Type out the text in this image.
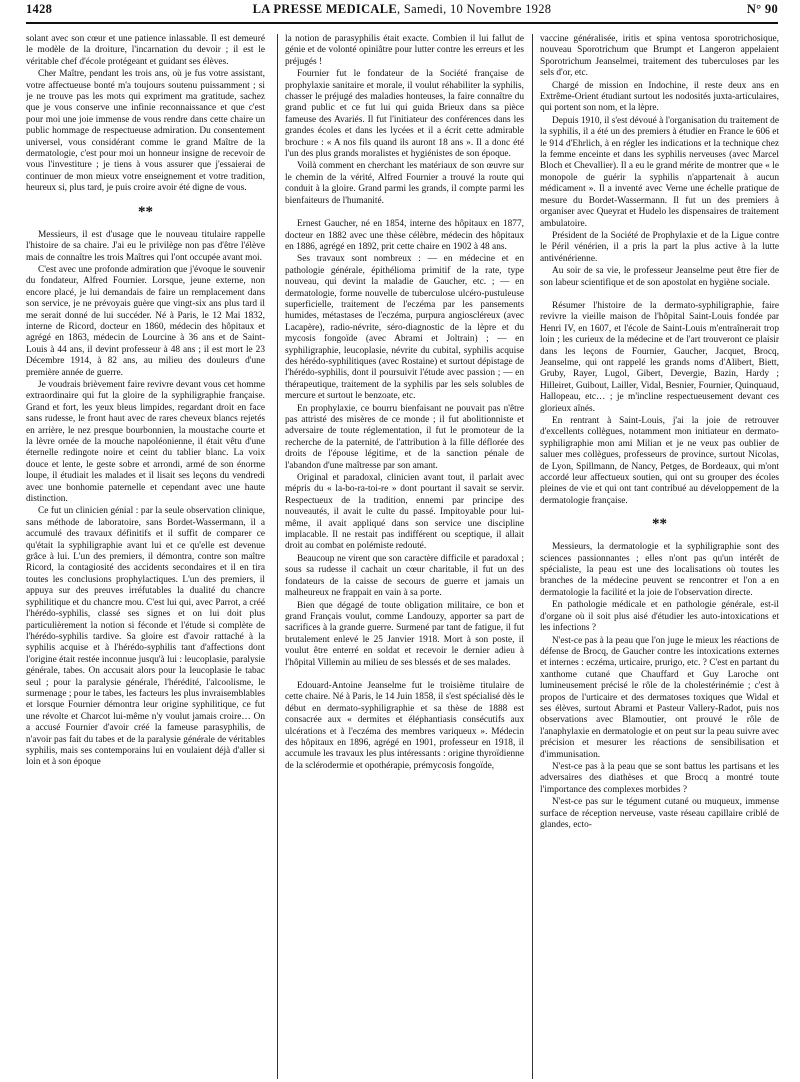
1428	LA PRESSE MEDICALE, Samedi, 10 Novembre 1928	N° 90

solant avec son cœur et une patience inlassable. Il est demeuré le modèle de la droiture, l'incarnation du devoir ; il est le véritable chef d'école protégeant et guidant ses élèves.

Cher Maître, pendant les trois ans, où je fus votre assistant, votre affectueuse bonté m'a toujours soutenu puissamment ; si je ne trouve pas les mots qui expriment ma gratitude, sachez que je vous conserve une infinie reconnaissance et que c'est pour moi une joie immense de vous rendre dans cette chaire un public hommage de respectueuse admiration. Du consentement universel, vous considérant comme le grand Maître de la dermatologie, c'est pour moi un honneur insigne de recevoir de vous l'investiture ; je tiens à vous assurer que j'essaierai de continuer de mon mieux votre enseignement et votre tradition, heureux si, plus tard, je puis croire avoir été digne de vous.

**

Messieurs, il est d'usage que le nouveau titulaire rappelle l'histoire de sa chaire. J'ai eu le privilège non pas d'être l'élève mais de connaître les trois Maîtres qui l'ont occupée avant moi.

C'est avec une profonde admiration que j'évoque le souvenir du fondateur, Alfred Fournier. Lorsque, jeune externe, non encore placé, je lui demandais de faire un remplacement dans son service, je ne prévoyais guère que vingt-six ans plus tard il me serait donné de lui succéder. Né à Paris, le 12 Mai 1832, interne de Ricord, docteur en 1860, médecin des hôpitaux et agrégé en 1863, médecin de Lourcine à 36 ans et de Saint-Louis à 44 ans, il devint professeur à 48 ans ; il est mort le 23 Décembre 1914, à 82 ans, au milieu des douleurs d'une première année de guerre.

Je voudrais brièvement faire revivre devant vous cet homme extraordinaire qui fut la gloire de la syphiligraphie française. Grand et fort, les yeux bleus limpides, regardant droit en face sans rudesse, le front haut avec de rares cheveux blancs rejetés en arrière, le nez presque bourbonnien, la moustache courte et la lèvre ornée de la mouche napoléonienne, il était vêtu d'une éternelle redingote noire et ceint du tablier blanc. La voix douce et lente, le geste sobre et arrondi, armé de son énorme loupe, il étudiait les malades et il lisait ses leçons du vendredi avec une bonhomie paternelle et cependant avec une haute distinction.

Ce fut un clinicien génial : par la seule observation clinique, sans méthode de laboratoire, sans Bordet-Wassermann, il a accumulé des travaux définitifs et il suffit de comparer ce qu'était la syphiligraphie avant lui et ce qu'elle est devenue grâce à lui. L'un des premiers, il démontra, contre son maître Ricord, la contagiosité des accidents secondaires et il en tira toutes les conclusions prophylactiques. L'un des premiers, il appuya sur des preuves irréfutables la dualité du chancre syphilitique et du chancre mou. C'est lui qui, avec Parrot, a créé l'hérédo-syphilis, classé ses signes et on lui doit plus particulièrement la notion si féconde et l'étude si complète de l'hérédo-syphilis tardive. Sa gloire est d'avoir rattaché à la syphilis acquise et à l'hérédo-syphilis tant d'affections dont l'origine était restée inconnue jusqu'à lui : leucoplasie, paralysie générale, tabes. On accusait alors pour la leucoplasie le tabac seul ; pour la paralysie générale, l'hérédité, l'alcoolisme, le surmenage ; pour le tabes, les facteurs les plus invraisemblables et lorsque Fournier démontra leur origine syphilitique, ce fut une révolte et Charcot lui-même n'y voulut jamais croire… On a accusé Fournier d'avoir créé la fameuse parasyphilis, de n'avoir pas fait du tabes et de la paralysie générale de véritables syphilis, mais ses contemporains lui en voulaient déjà d'aller si loin et à son époque

la notion de parasyphilis était exacte. Combien il lui fallut de génie et de volonté opiniâtre pour lutter contre les erreurs et les préjugés !

Fournier fut le fondateur de la Société française de prophylaxie sanitaire et morale, il voulut réhabiliter la syphilis, chasser le préjugé des maladies honteuses, la faire connaître du grand public et ce fut lui qui guida Brieux dans sa pièce fameuse des Avariés. Il fut l'initiateur des conférences dans les grandes écoles et dans les lycées et il a écrit cette admirable brochure : « A nos fils quand ils auront 18 ans ». Il a donc été l'un des plus grands moralistes et hygiénistes de son époque.

Voilà comment en cherchant les matériaux de son œuvre sur le chemin de la vérité, Alfred Fournier a trouvé la route qui conduit à la gloire. Grand parmi les grands, il compte parmi les bienfaiteurs de l'humanité.

Ernest Gaucher, né en 1854, interne des hôpitaux en 1877, docteur en 1882 avec une thèse célèbre, médecin des hôpitaux en 1886, agrégé en 1892, prit cette chaire en 1902 à 48 ans.

Ses travaux sont nombreux : — en médecine et en pathologie générale, épithélioma primitif de la rate, type nouveau, qui devint la maladie de Gaucher, etc. ; — en dermatologie, forme nouvelle de tuberculose ulcéro-pustuleuse superficielle, traitement de l'eczéma par les pansements humides, métastases de l'eczéma, purpura angioscléreux (avec Lacapère), radio-névrite, séro-diagnostic de la lèpre et du mycosis fongoïde (avec Abrami et Joltrain) ; — en syphiligraphie, leucoplasie, névrite du cubital, syphilis acquise des hérédo-syphilitiques (avec Rostaine) et surtout dépistage de l'hérédo-syphilis, dont il poursuivit l'étude avec passion ; — en thérapeutique, traitement de la syphilis par les sels solubles de mercure et surtout le benzoate, etc.

En prophylaxie, ce bourru bienfaisant ne pouvait pas n'être pas attristé des misères de ce monde ; il fut abolitionniste et adversaire de toute réglementation, il fut le promoteur de la recherche de la paternité, de l'attribution à la fille déflorée des droits de l'épouse légitime, et de la sanction pénale de l'abandon d'une maîtresse par son amant.

Original et paradoxal, clinicien avant tout, il parlait avec mépris du « la-bo-ra-toi-re » dont pourtant il savait se servir. Respectueux de la tradition, ennemi par principe des nouveautés, il avait le culte du passé. Impitoyable pour lui-même, il avait appliqué dans son service une discipline implacable. Il ne restait pas indifférent ou sceptique, il allait droit au combat en polémiste redouté.

Beaucoup ne virent que son caractère difficile et paradoxal ; sous sa rudesse il cachait un cœur charitable, il fut un des fondateurs de la caisse de secours de guerre et jamais un malheureux ne frappait en vain à sa porte.

Bien que dégagé de toute obligation militaire, ce bon et grand Français voulut, comme Landouzy, apporter sa part de sacrifices à la grande guerre. Surmené par tant de fatigue, il fut brutalement enlevé le 25 Janvier 1918. Mort à son poste, il voulut être enterré en soldat et recevoir le dernier adieu à l'hôpital Villemin au milieu de ses blessés et de ses malades.

Edouard-Antoine Jeanselme fut le troisième titulaire de cette chaire. Né à Paris, le 14 Juin 1858, il s'est spécialisé dès le début en dermato-syphiligraphie et sa thèse de 1888 est consacrée aux « dermites et éléphantiasis consécutifs aux ulcérations et à l'eczéma des membres variqueux ». Médecin des hôpitaux en 1896, agrégé en 1901, professeur en 1918, il accumule les travaux les plus intéressants : origine thyroïdienne de la sclérodermie et opothérapie, prémycosis fongoïde,

vaccine généralisée, iritis et spina ventosa sporotrichosique, nouveau Sporotrichum que Brumpt et Langeron appelaient Sporotrichum Jeanselmei, traitement des tuberculoses par les sels d'or, etc.

Chargé de mission en Indochine, il reste deux ans en Extrême-Orient étudiant surtout les nodosités juxta-articulaires, qui portent son nom, et la lèpre.

Depuis 1910, il s'est dévoué à l'organisation du traitement de la syphilis, il a été un des premiers à étudier en France le 606 et le 914 d'Ehrlich, à en régler les indications et la technique chez la femme enceinte et dans les syphilis nerveuses (avec Marcel Bloch et Chevallier). Il a eu le grand mérite de montrer que « le monopole de guérir la syphilis n'appartenait à aucun médicament ». Il a inventé avec Verne une échelle pratique de mesure du Bordet-Wassermann. Il fut un des premiers à organiser avec Queyrat et Hudelo les dispensaires de traitement ambulatoire.

Président de la Société de Prophylaxie et de la Ligue contre le Péril vénérien, il a pris la part la plus active à la lutte antivénérienne.

Au soir de sa vie, le professeur Jeanselme peut être fier de son labeur scientifique et de son apostolat en hygiène sociale.

Résumer l'histoire de la dermato-syphiligraphie, faire revivre la vieille maison de l'hôpital Saint-Louis fondée par Henri IV, en 1607, et l'école de Saint-Louis m'entraînerait trop loin ; les curieux de la médecine et de l'art trouveront ce plaisir dans les leçons de Fournier, Gaucher, Jacquet, Brocq, Jeanselme, qui ont rappelé les grands noms d'Alibert, Biett, Gruby, Rayer, Lugol, Gibert, Devergie, Bazin, Hardy ; Hilleiret, Guibout, Lailler, Vidal, Besnier, Fournier, Quinquaud, Hallopeau, etc… ; je m'incline respectueusement devant ces glorieux aînés.

En rentrant à Saint-Louis, j'ai la joie de retrouver d'excellents collègues, notamment mon initiateur en dermato-syphiligraphie mon ami Milian et je ne veux pas oublier de saluer mes collègues, professeurs de province, surtout Nicolas, de Lyon, Spillmann, de Nancy, Petges, de Bordeaux, qui m'ont accordé leur affectueux soutien, qui ont su grouper des écoles pleines de vie et qui ont tant contribué au développement de la dermatologie française.

**

Messieurs, la dermatologie et la syphiligraphie sont des sciences passionnantes ; elles n'ont pas qu'un intérêt de spécialiste, la peau est une des localisations où toutes les branches de la médecine peuvent se rencontrer et l'on a en dermatologie la facilité et la joie de l'observation directe.

En pathologie médicale et en pathologie générale, est-il d'organe où il soit plus aisé d'étudier les auto-intoxications et les infections ?

N'est-ce pas à la peau que l'on juge le mieux les réactions de défense de Brocq, de Gaucher contre les intoxications externes et internes : eczéma, urticaire, prurigo, etc. ? C'est en partant du xanthome cutané que Chauffard et Guy Laroche ont lumineusement précisé le rôle de la cholestérinémie ; c'est à propos de l'urticaire et des dermatoses toxiques que Widal et ses élèves, surtout Abrami et Pasteur Vallery-Radot, puis nos observations avec Blamoutier, ont prouvé le rôle de l'anaphylaxie en dermatologie et on peut sur la peau suivre avec précision et mesurer les réactions de sensibilisation et d'immunisation.

N'est-ce pas à la peau que se sont battus les partisans et les adversaires des diathèses et que Brocq a montré toute l'importance des complexes morbides ?

N'est-ce pas sur le tégument cutané ou muqueux, immense surface de réception nerveuse, vaste réseau capillaire criblé de glandes, ecto-
